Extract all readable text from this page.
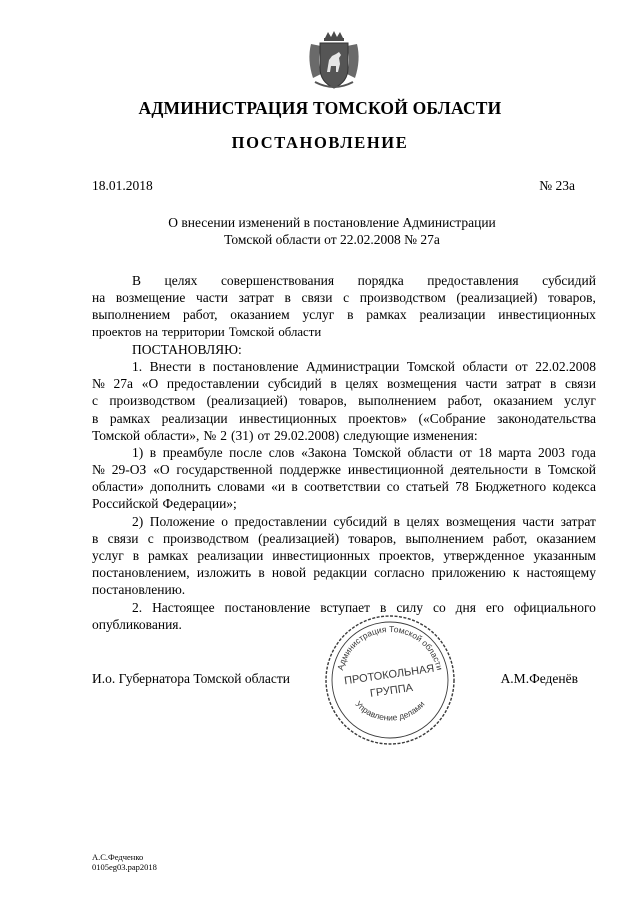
АДМИНИСТРАЦИЯ ТОМСКОЙ ОБЛАСТИ
ПОСТАНОВЛЕНИЕ
18.01.2018	№ 23а
О внесении изменений в постановление Администрации
Томской области от 22.02.2008 № 27а
В целях совершенствования порядка предоставления субсидий
на возмещение части затрат в связи с производством (реализацией) товаров,
выполнением работ, оказанием услуг в рамках реализации инвестиционных
проектов на территории Томской области
ПОСТАНОВЛЯЮ:
1. Внести в постановление Администрации Томской области от 22.02.2008
№ 27а «О предоставлении субсидий в целях возмещения части затрат в связи
с производством (реализацией) товаров, выполнением работ, оказанием услуг
в рамках реализации инвестиционных проектов» («Собрание законодательства
Томской области», № 2 (31) от 29.02.2008) следующие изменения:
1) в преамбуле после слов «Закона Томской области от 18 марта 2003 года
№ 29-ОЗ «О государственной поддержке инвестиционной деятельности в Томской
области» дополнить словами «и в соответствии со статьей 78 Бюджетного кодекса
Российской Федерации»;
2) Положение о предоставлении субсидий в целях возмещения части затрат
в связи с производством (реализацией) товаров, выполнением работ, оказанием
услуг в рамках реализации инвестиционных проектов, утвержденное указанным
постановлением, изложить в новой редакции согласно приложению к настоящему
постановлению.
2. Настоящее постановление вступает в силу со дня его официального
опубликования.
И.о. Губернатора Томской области	А.М.Феденёв
Администрация Томской области
Управление делами
ПРОТОКОЛЬНАЯ
ГРУППА
А.С.Федченко
0105eg03.pap2018
